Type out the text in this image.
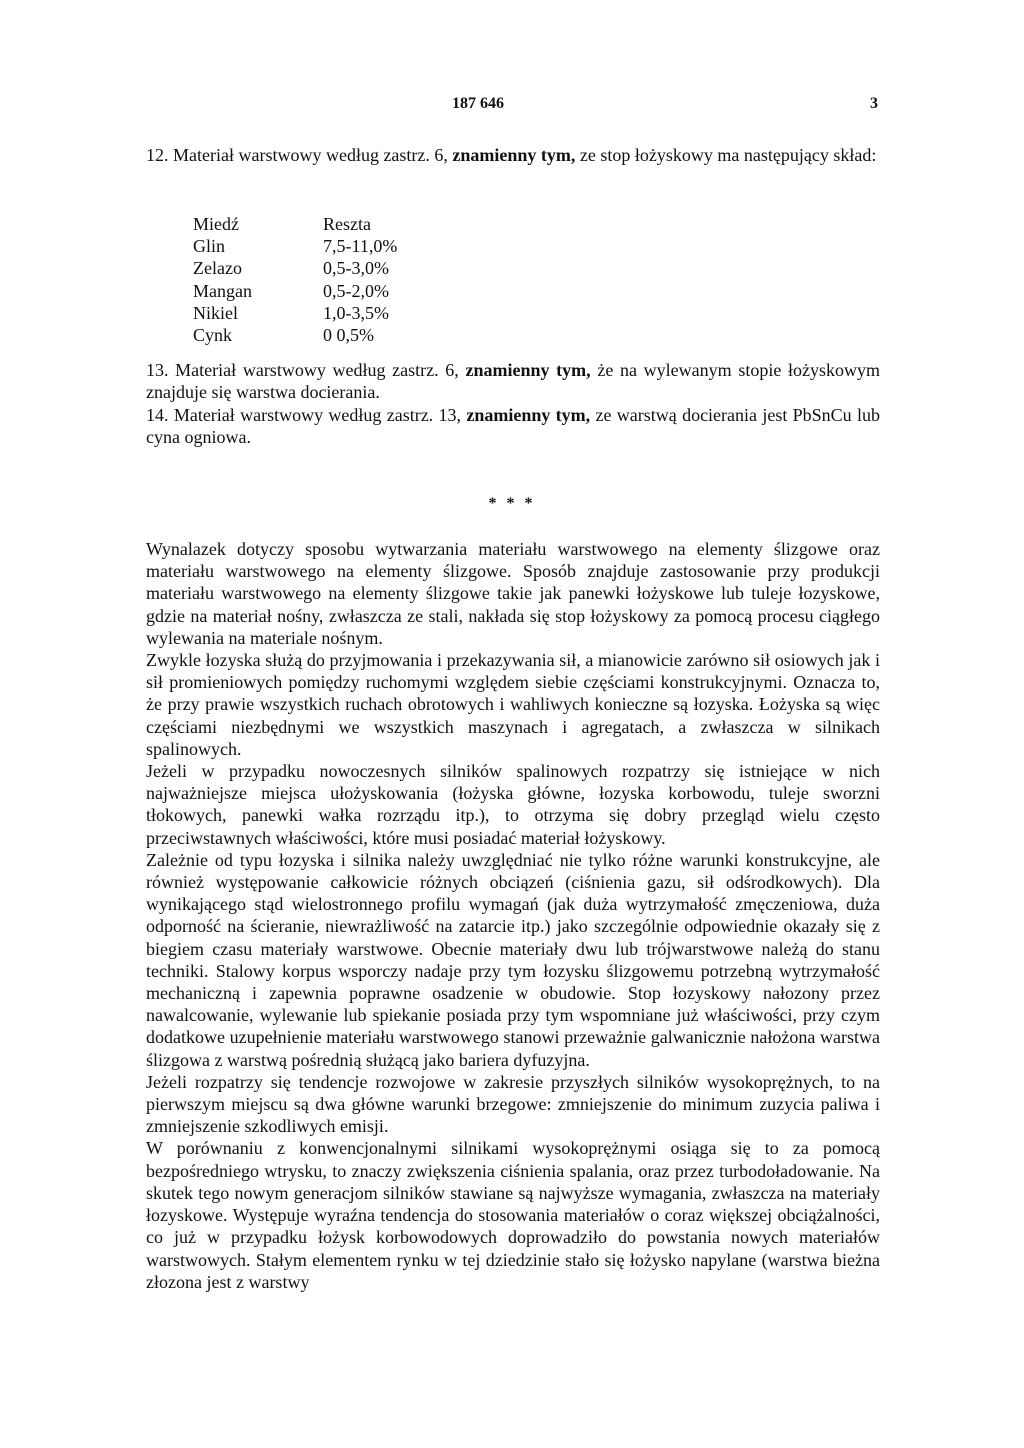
187 646	3
12. Materiał warstwowy według zastrz. 6, znamienny tym, ze stop łożyskowy ma następujący skład:
Miedź	Reszta
Glin	7,5-11,0%
Zelazo	0,5-3,0%
Mangan	0,5-2,0%
Nikiel	1,0-3,5%
Cynk	0 0,5%
13. Materiał warstwowy według zastrz. 6, znamienny tym, że na wylewanym stopie łożyskowym znajduje się warstwa docierania.
14. Materiał warstwowy według zastrz. 13, znamienny tym, ze warstwą docierania jest PbSnCu lub cyna ogniowa.
* * *

Wynalazek dotyczy sposobu wytwarzania materiału warstwowego na elementy ślizgowe oraz materiału warstwowego na elementy ślizgowe. Sposób znajduje zastosowanie przy produkcji materiału warstwowego na elementy ślizgowe takie jak panewki łożyskowe lub tuleje łozyskowe, gdzie na materiał nośny, zwłaszcza ze stali, nakłada się stop łożyskowy za pomocą procesu ciągłego wylewania na materiale nośnym.

Zwykle łozyska służą do przyjmowania i przekazywania sił, a mianowicie zarówno sił osiowych jak i sił promieniowych pomiędzy ruchomymi względem siebie częściami konstrukcyjnymi. Oznacza to, że przy prawie wszystkich ruchach obrotowych i wahliwych konieczne są łozyska. Łożyska są więc częściami niezbędnymi we wszystkich maszynach i agregatach, a zwłaszcza w silnikach spalinowych.

Jeżeli w przypadku nowoczesnych silników spalinowych rozpatrzy się istniejące w nich najważniejsze miejsca ułożyskowania (łożyska główne, łozyska korbowodu, tuleje sworzni tłokowych, panewki wałka rozrządu itp.), to otrzyma się dobry przegląd wielu często przeciwstawnych właściwości, które musi posiadać materiał łożyskowy.

Zależnie od typu łozyska i silnika należy uwzględniać nie tylko różne warunki konstrukcyjne, ale również występowanie całkowicie różnych obciązeń (ciśnienia gazu, sił odśrodkowych). Dla wynikającego stąd wielostronnego profilu wymagań (jak duża wytrzymałość zmęczeniowa, duża odporność na ścieranie, niewrażliwość na zatarcie itp.) jako szczególnie odpowiednie okazały się z biegiem czasu materiały warstwowe. Obecnie materiały dwu lub trójwarstwowe należą do stanu techniki. Stalowy korpus wsporczy nadaje przy tym łozysku ślizgowemu potrzebną wytrzymałość mechaniczną i zapewnia poprawne osadzenie w obudowie. Stop łozyskowy nałozony przez nawalcowanie, wylewanie lub spiekanie posiada przy tym wspomniane już właściwości, przy czym dodatkowe uzupełnienie materiału warstwowego stanowi przeważnie galwanicznie nałożona warstwa ślizgowa z warstwą pośrednią służącą jako bariera dyfuzyjna.

Jeżeli rozpatrzy się tendencje rozwojowe w zakresie przyszłych silników wysokoprężnych, to na pierwszym miejscu są dwa główne warunki brzegowe: zmniejszenie do minimum zuzycia paliwa i zmniejszenie szkodliwych emisji.

W porównaniu z konwencjonalnymi silnikami wysokoprężnymi osiąga się to za pomocą bezpośredniego wtrysku, to znaczy zwiększenia ciśnienia spalania, oraz przez turbodoładowanie. Na skutek tego nowym generacjom silników stawiane są najwyższe wymagania, zwłaszcza na materiały łozyskowe. Występuje wyraźna tendencja do stosowania materiałów o coraz większej obciążalności, co już w przypadku łożysk korbowodowych doprowadziło do powstania nowych materiałów warstwowych. Stałym elementem rynku w tej dziedzinie stało się łożysko napylane (warstwa bieżna złozona jest z warstwy
